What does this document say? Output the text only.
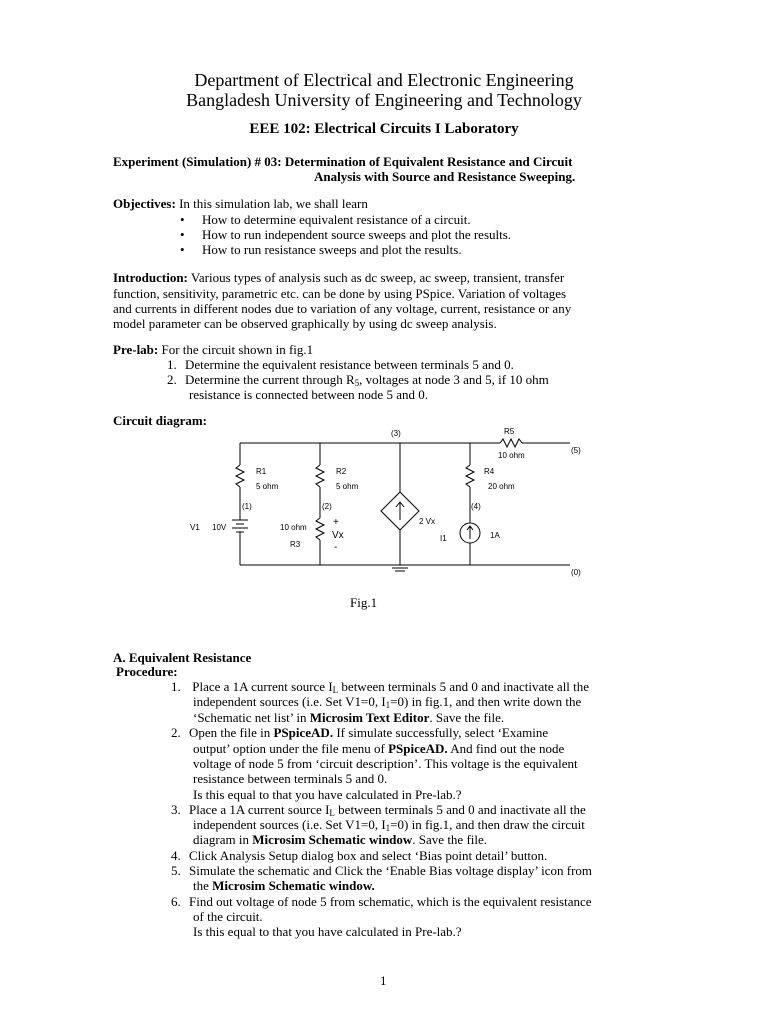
Department of Electrical and Electronic Engineering
Bangladesh University of Engineering and Technology
EEE 102: Electrical Circuits I Laboratory
Experiment (Simulation) # 03: Determination of Equivalent Resistance and Circuit
Analysis with Source and Resistance Sweeping.
Objectives: In this simulation lab, we shall learn
• How to determine equivalent resistance of a circuit.
• How to run independent source sweeps and plot the results.
• How to run resistance sweeps and plot the results.
Introduction: Various types of analysis such as dc sweep, ac sweep, transient, transfer
function, sensitivity, parametric etc. can be done by using PSpice. Variation of voltages
and currents in different nodes due to variation of any voltage, current, resistance or any
model parameter can be observed graphically by using dc sweep analysis.
Pre-lab: For the circuit shown in fig.1
1. Determine the equivalent resistance between terminals 5 and 0.
2. Determine the current through $R_5$, voltages at node 3 and 5, if 10 ohm
resistance is connected between node 5 and 0.
Circuit diagram:
(3)	R5
10 ohm
(5)
R1
5 ohm
R2
5 ohm
R4
20 ohm
(1)	(2)	(4)
V1 10V	10 ohm
R3
1A
(0)
+
Vx
-
2 Vx
I1
Fig.1
A. Equivalent Resistance
Procedure:
1. Place a 1A current source $I_L$ between terminals 5 and 0 and inactivate all the
independent sources (i.e. Set V1=0, $I_1=0$) in fig.1, and then write down the
‘Schematic net list’ in Microsim Text Editor. Save the file.
2. Open the file in PSpiceAD. If simulate successfully, select ‘Examine
output’ option under the file menu of PSpiceAD. And find out the node
voltage of node 5 from ‘circuit description’. This voltage is the equivalent
resistance between terminals 5 and 0.
Is this equal to that you have calculated in Pre-lab.?
3. Place a 1A current source $I_L$ between terminals 5 and 0 and inactivate all the
independent sources (i.e. Set V1=0, $I_1=0$) in fig.1, and then draw the circuit
diagram in Microsim Schematic window. Save the file.
4. Click Analysis Setup dialog box and select ‘Bias point detail’ button.
5. Simulate the schematic and Click the ‘Enable Bias voltage display’ icon from
the Microsim Schematic window.
6. Find out voltage of node 5 from schematic, which is the equivalent resistance
of the circuit.
Is this equal to that you have calculated in Pre-lab.?
1
